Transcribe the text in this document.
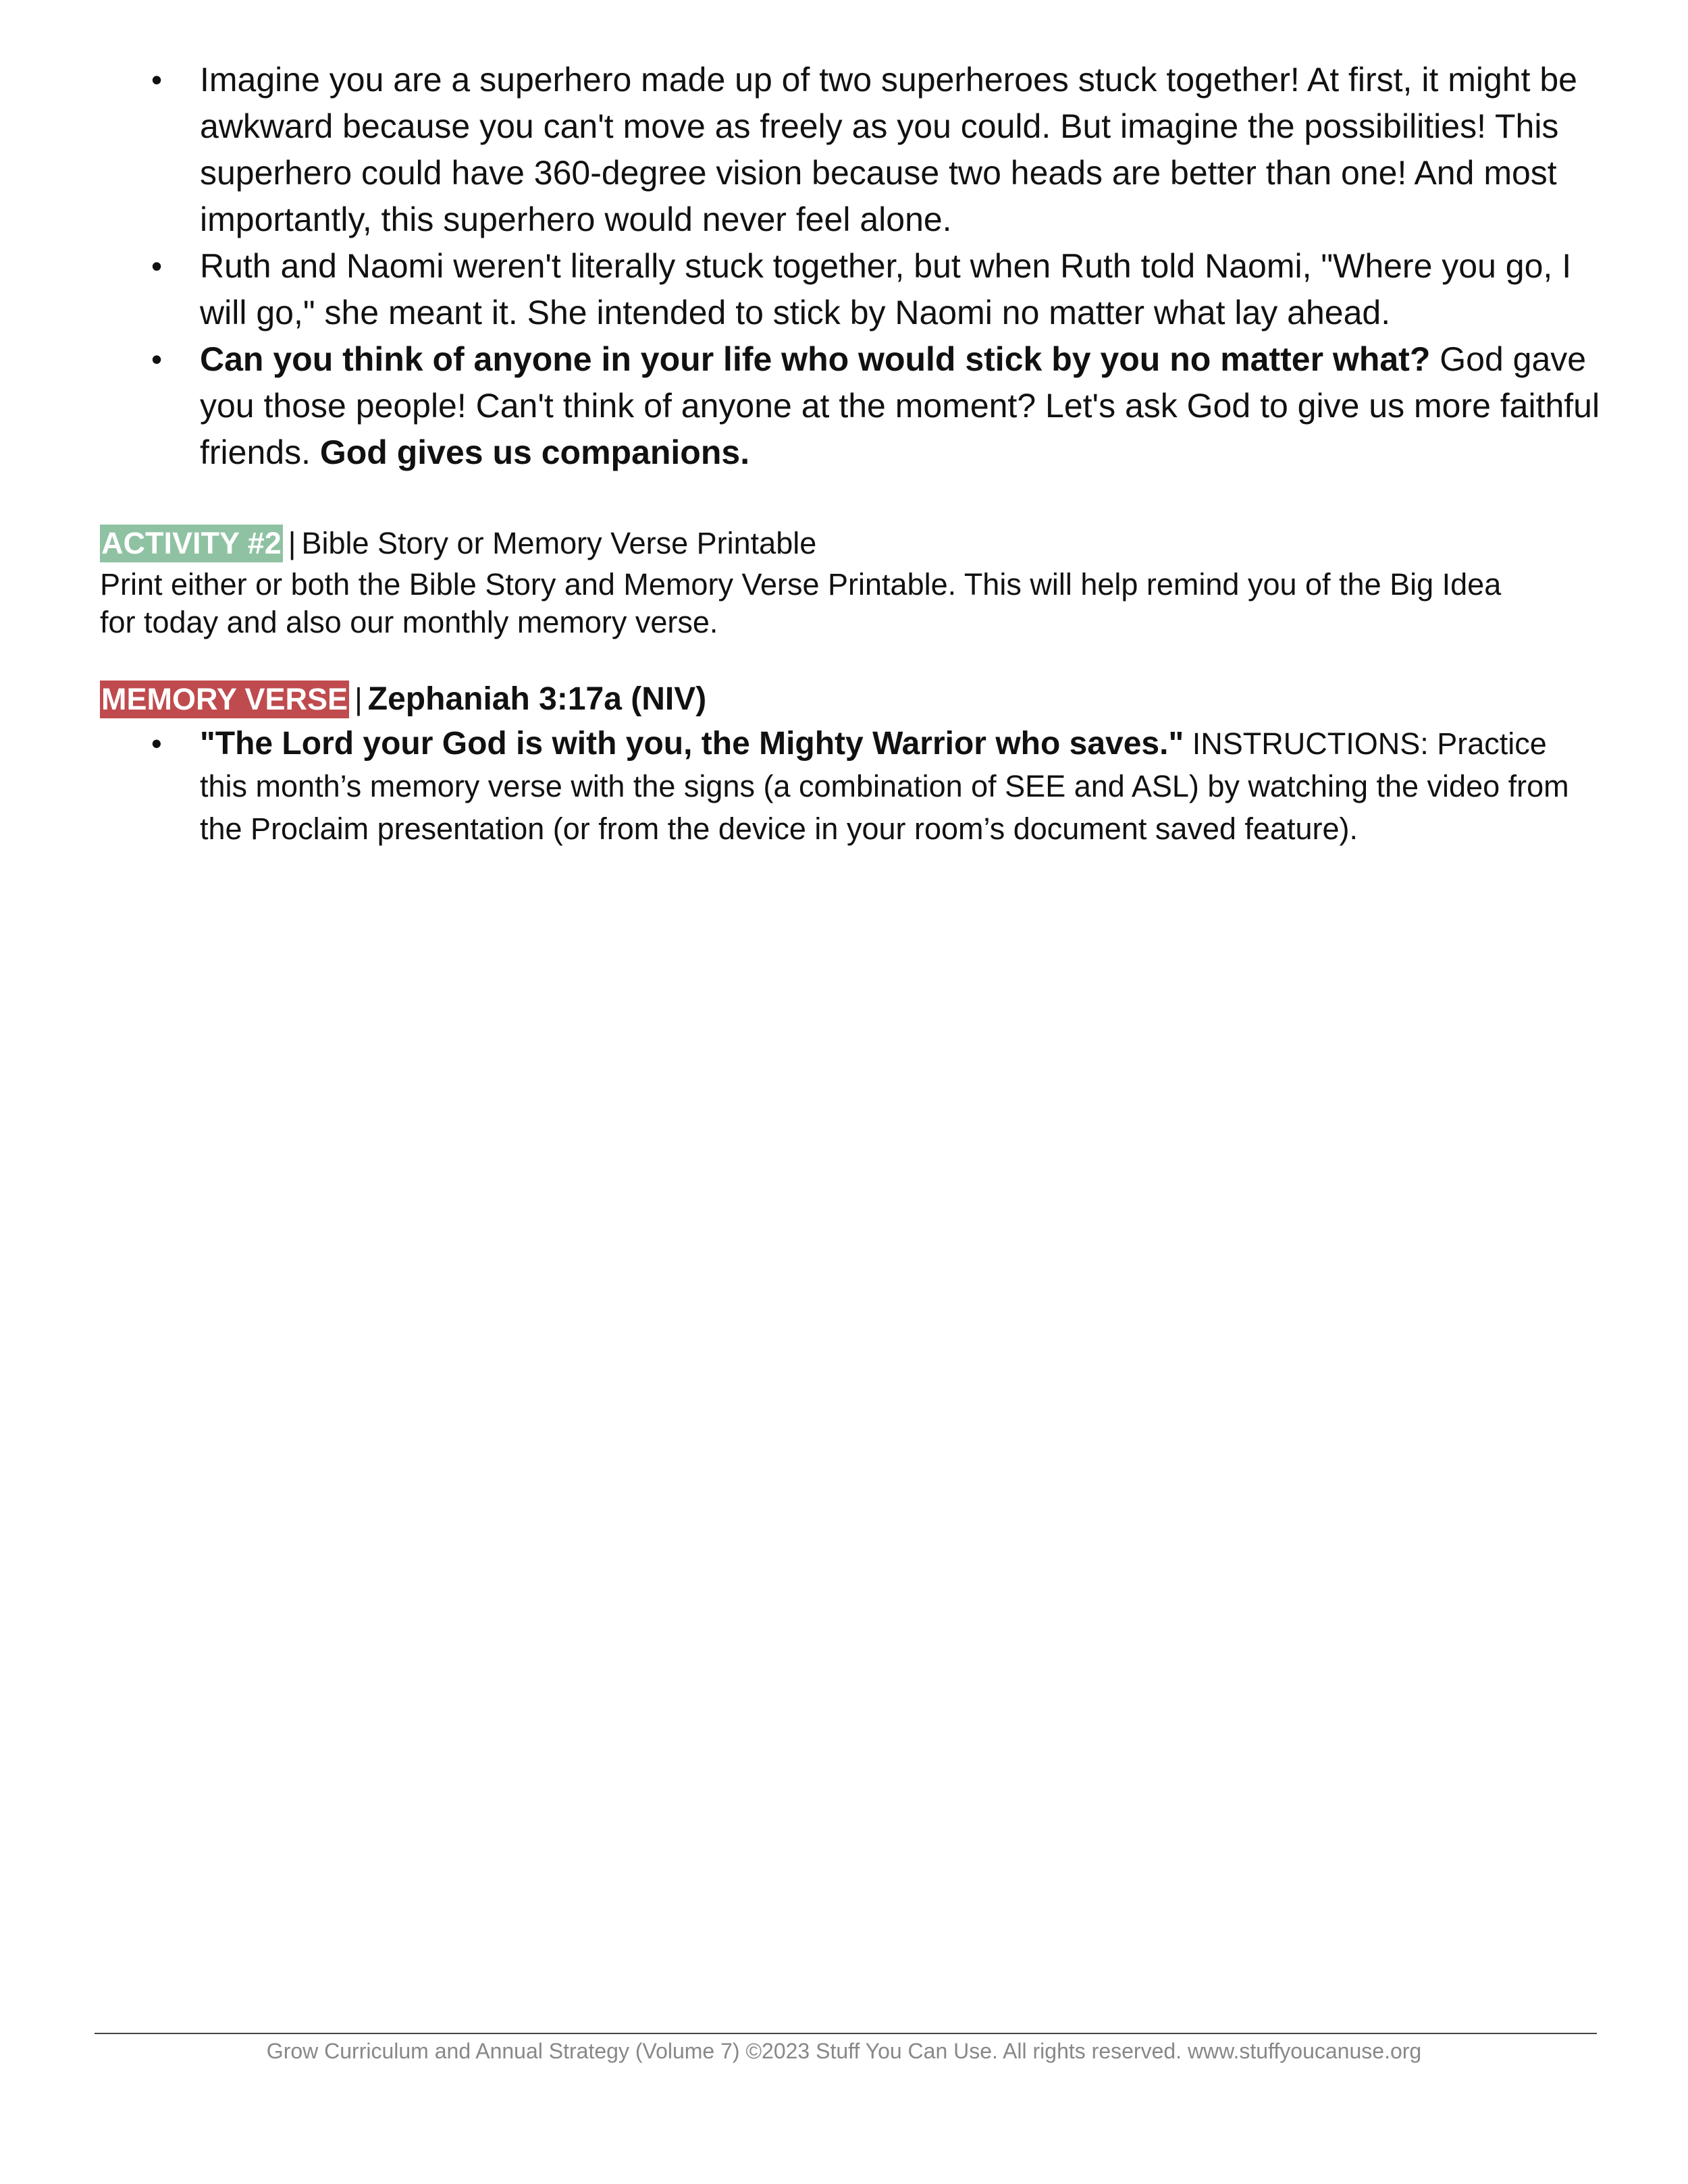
• Imagine you are a superhero made up of two superheroes stuck together! At first, it might be awkward because you can't move as freely as you could. But imagine the possibilities! This superhero could have 360-degree vision because two heads are better than one! And most importantly, this superhero would never feel alone.
• Ruth and Naomi weren't literally stuck together, but when Ruth told Naomi, "Where you go, I will go," she meant it. She intended to stick by Naomi no matter what lay ahead.
• Can you think of anyone in your life who would stick by you no matter what? God gave you those people! Can't think of anyone at the moment? Let's ask God to give us more faithful friends. God gives us companions.
ACTIVITY #2 | Bible Story or Memory Verse Printable
Print either or both the Bible Story and Memory Verse Printable. This will help remind you of the Big Idea for today and also our monthly memory verse.
MEMORY VERSE | Zephaniah 3:17a (NIV)
• "The Lord your God is with you, the Mighty Warrior who saves." INSTRUCTIONS: Practice this month’s memory verse with the signs (a combination of SEE and ASL) by watching the video from the Proclaim presentation (or from the device in your room’s document saved feature).
Grow Curriculum and Annual Strategy (Volume 7) ©2023 Stuff You Can Use. All rights reserved. www.stuffyoucanuse.org
